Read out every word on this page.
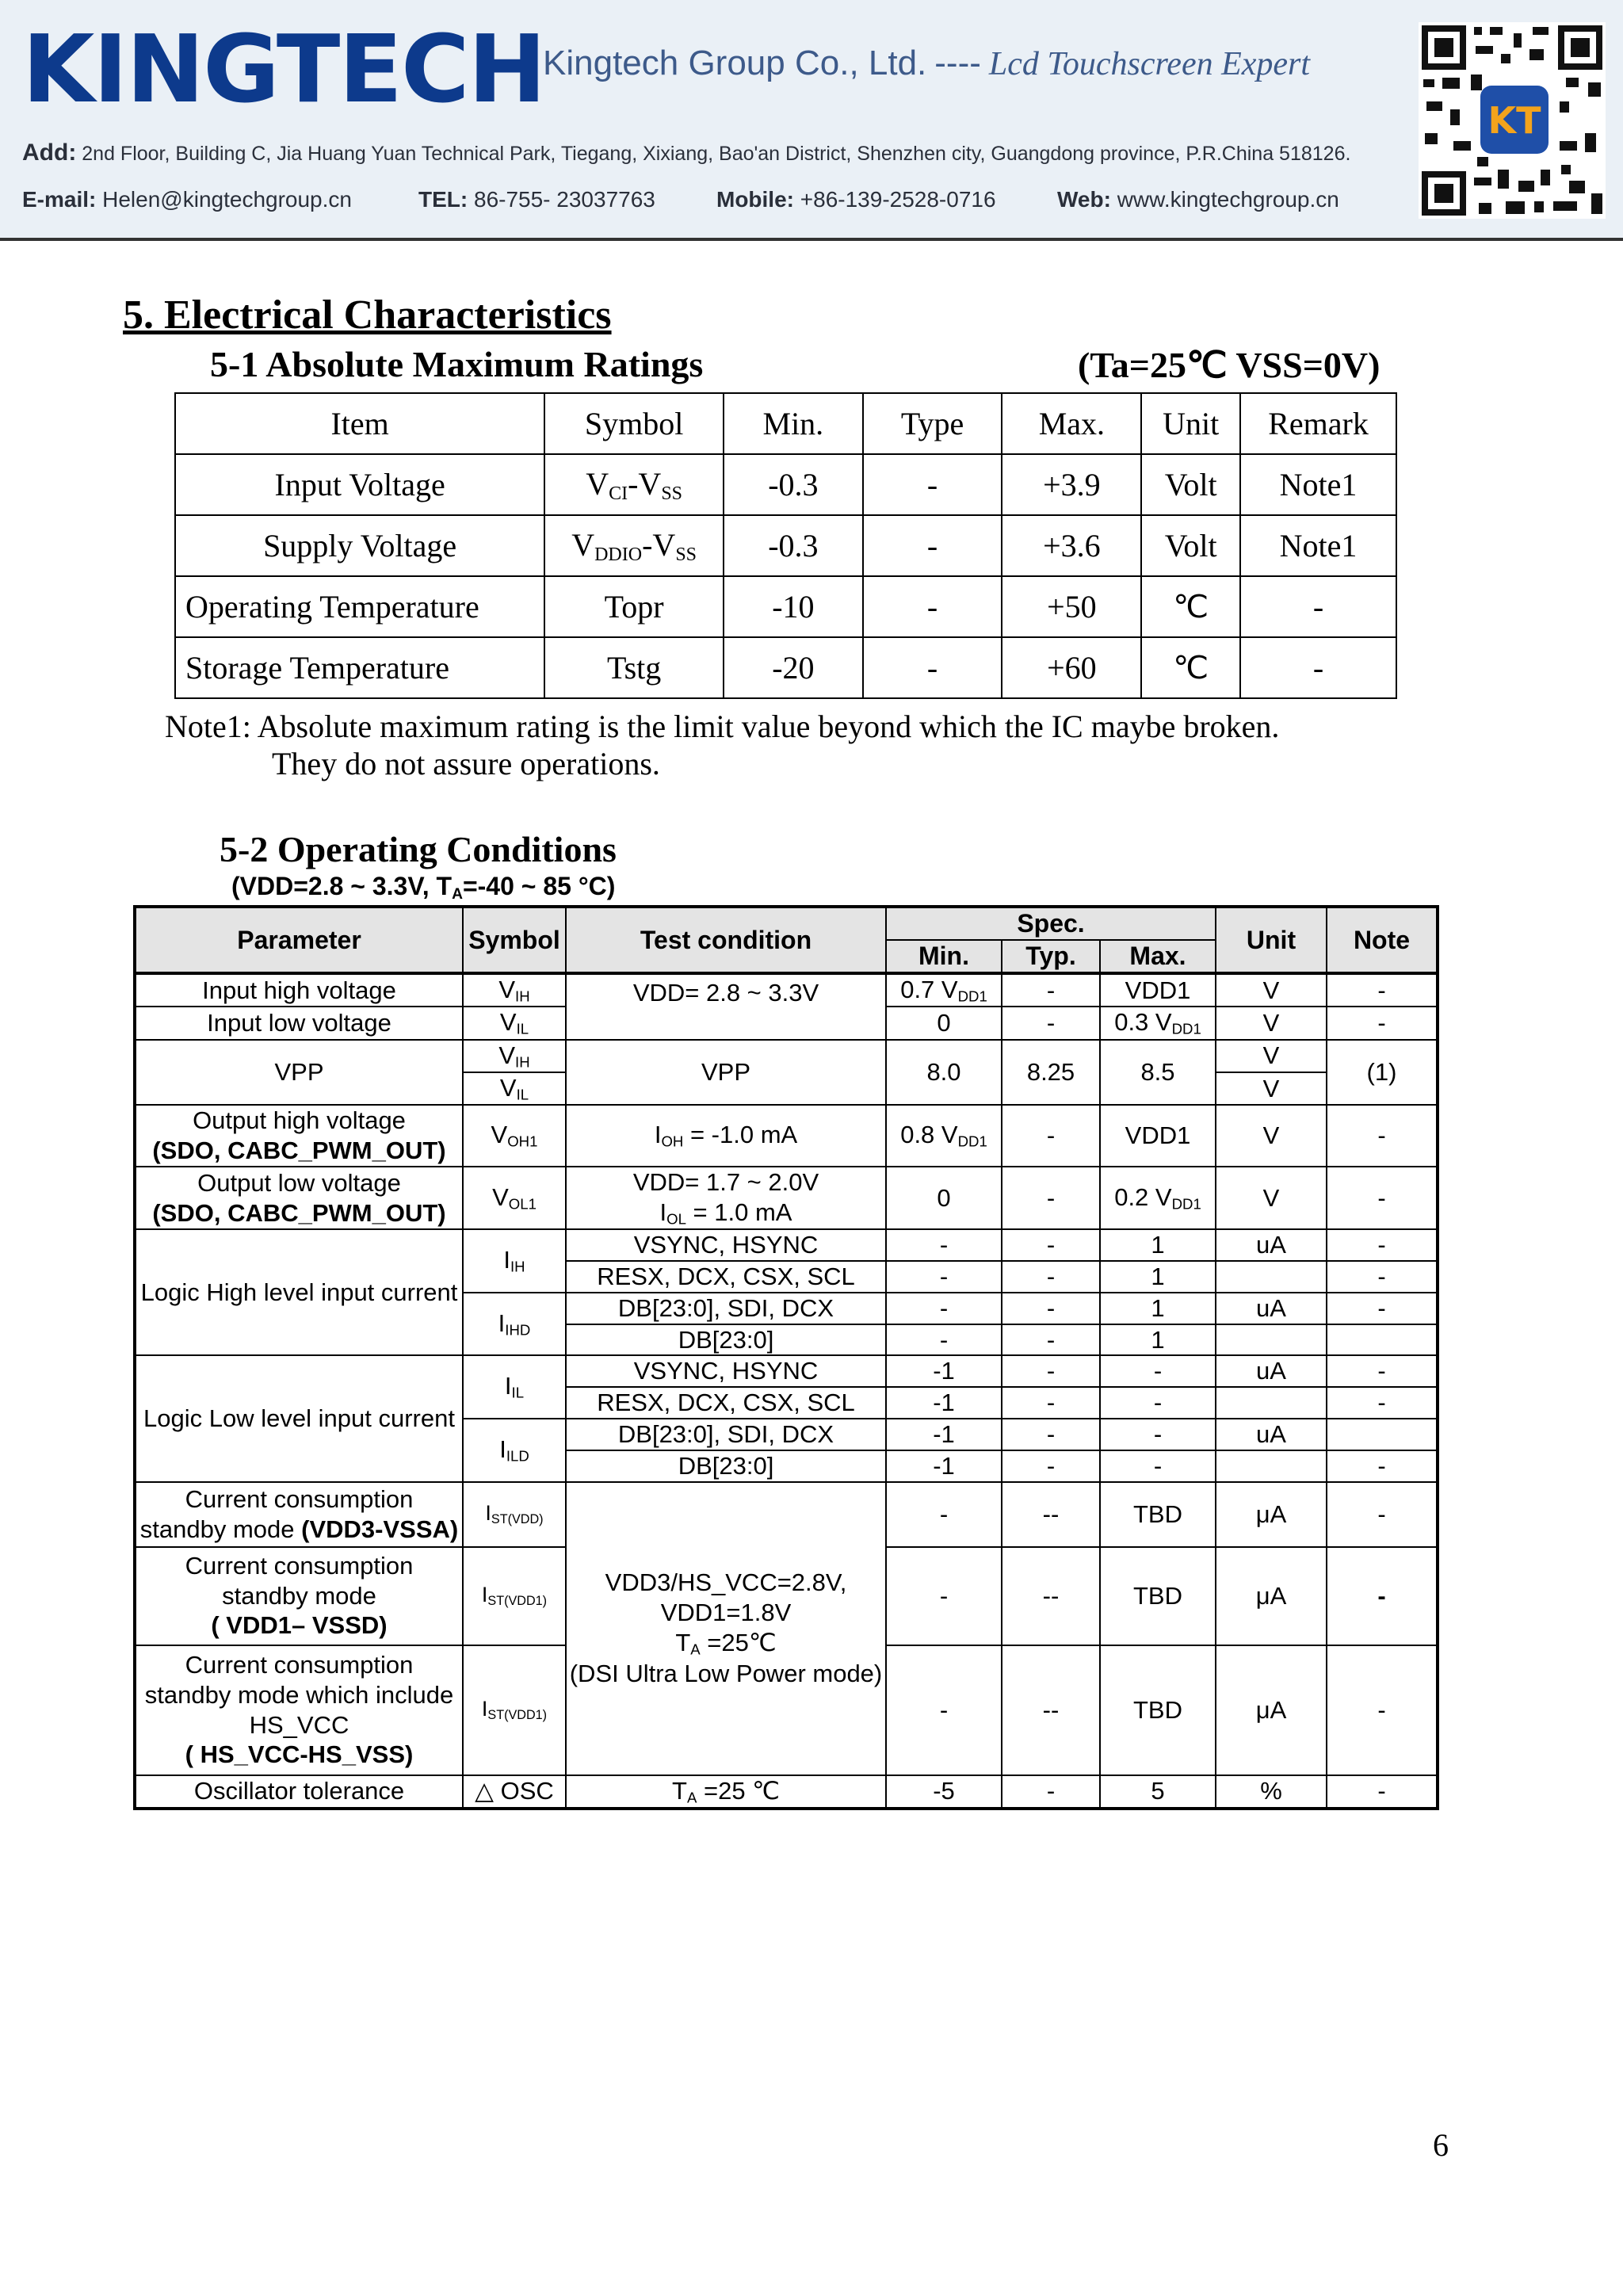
KINGTECH
Kingtech Group Co., Ltd. ---- Lcd Touchscreen Expert
Add: 2nd Floor, Building C, Jia Huang Yuan Technical Park, Tiegang, Xixiang, Bao'an District, Shenzhen city, Guangdong province, P.R.China 518126.
E-mail: Helen@kingtechgroup.cn	TEL: 86-755- 23037763	Mobile: +86-139-2528-0716	Web: www.kingtechgroup.cn
KT
5. Electrical Characteristics
5-1 Absolute Maximum Ratings	(Ta=25℃ VSS=0V)
Item	Symbol	Min.	Type	Max.	Unit	Remark
Input Voltage	$V_{CI}-V_{SS}$	-0.3	-	+3.9	Volt	Note1
Supply Voltage	$V_{DDIO}-V_{SS}$	-0.3	-	+3.6	Volt	Note1
Operating Temperature	Topr	-10	-	+50	℃	-
Storage Temperature	Tstg	-20	-	+60	℃	-
Note1: Absolute maximum rating is the limit value beyond which the IC maybe broken.
They do not assure operations.
5-2 Operating Conditions
(VDD=2.8 ~ 3.3V, $T_A=-40$ ~ 85 °C)
Parameter	Symbol	Test condition	Spec.			Unit	Note
			Min.	Typ.	Max.		
Input high voltage	$V_{IH}$	VDD= 2.8 ~ 3.3V	0.7 $V_{DD1}$	-	VDD1	V	-
Input low voltage	$V_{IL}$		0	-	0.3 $V_{DD1}$	V	-
VPP	$V_{IH}$	VPP	8.0	8.25	8.5	V	(1)
	$V_{IL}$					V	
Output high voltage
(SDO, CABC_PWM_OUT)	$V_{OH1}$	$I_{OH} = -1.0$ mA	0.8 $V_{DD1}$	-	VDD1	V	-
Output low voltage
(SDO, CABC_PWM_OUT)	$V_{OL1}$	VDD= 1.7 ~ 2.0V
$I_{OL} = 1.0$ mA	0	-	0.2 $V_{DD1}$	V	-
Logic High level input current	$I_{IH}$	VSYNC, HSYNC	-	-	1	uA	-
		RESX, DCX, CSX, SCL	-	-	1		-
	$I_{IHD}$	DB[23:0], SDI, DCX	-	-	1	uA	-
		DB[23:0]	-	-	1		
Logic Low level input current	$I_{IL}$	VSYNC, HSYNC	-1	-	-	uA	-
		RESX, DCX, CSX, SCL	-1	-	-		-
	$I_{ILD}$	DB[23:0], SDI, DCX	-1	-	-	uA	
		DB[23:0]	-1	-	-		-
Current consumption
standby mode (VDD3-VSSA)	$I_{ST(VDD)}$	VDD3/HS_VCC=2.8V,
VDD1=1.8V
$T_A$ =25℃
(DSI Ultra Low Power mode)	-	--	TBD	μA	-
Current consumption
standby mode
( VDD1– VSSD)	$I_{ST(VDD1)}$		-	--	TBD	μA	-
Current consumption
standby mode which include
HS_VCC
( HS_VCC-HS_VSS)	$I_{ST(VDD1)}$		-	--	TBD	μA	-
Oscillator tolerance	△ OSC	$T_A =25$ ℃	-5	-	5	%	-
6
